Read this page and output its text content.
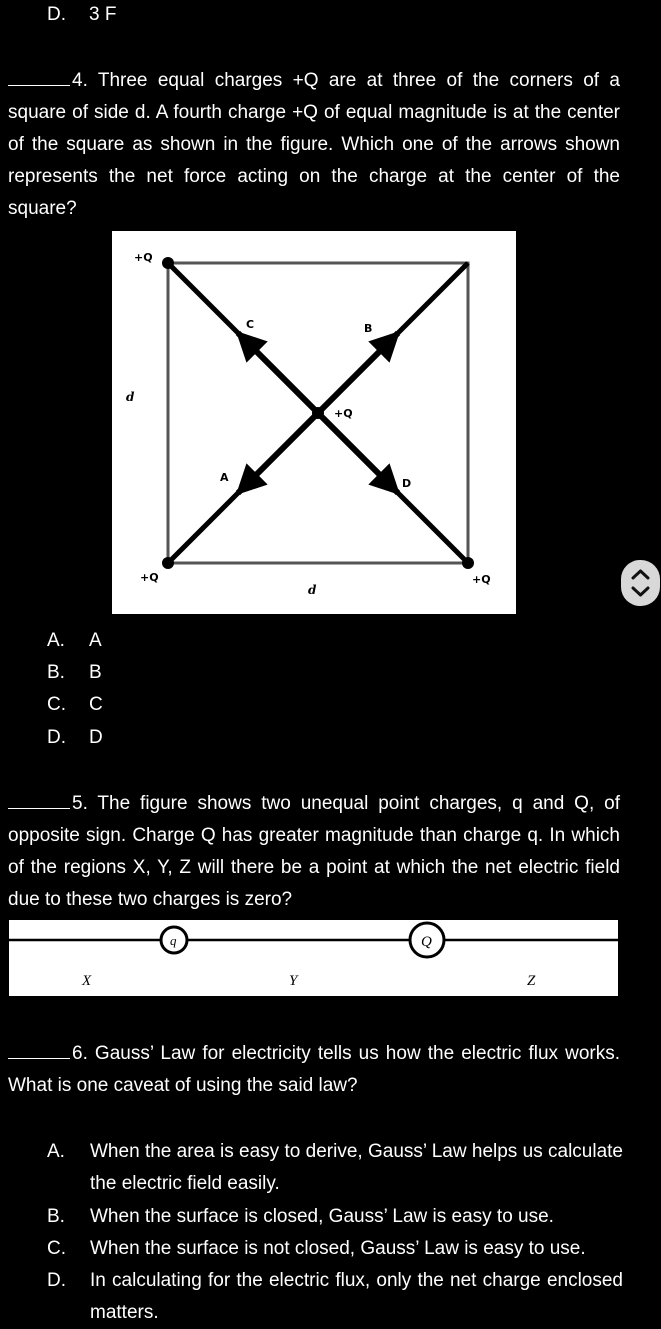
D. 3 F
4. Three equal charges +Q are at three of the corners of a square of side d. A fourth charge +Q of equal magnitude is at the center of the square as shown in the figure. Which one of the arrows shown represents the net force acting on the charge at the center of the square?
+Q
+Q	+Q
+Q
C	B
A	D
d
d
A. A
B. B
C. C
D. D
5. The figure shows two unequal point charges, q and Q, of opposite sign. Charge Q has greater magnitude than charge q. In which of the regions X, Y, Z will there be a point at which the net electric field due to these two charges is zero?
q	Q
X	Y	Z
6. Gauss’ Law for electricity tells us how the electric flux works. What is one caveat of using the said law?
A.	When the area is easy to derive, Gauss’ Law helps us calculate the electric field easily.
B.	When the surface is closed, Gauss’ Law is easy to use.
C.	When the surface is not closed, Gauss’ Law is easy to use.
D.	In calculating for the electric flux, only the net charge enclosed matters.
